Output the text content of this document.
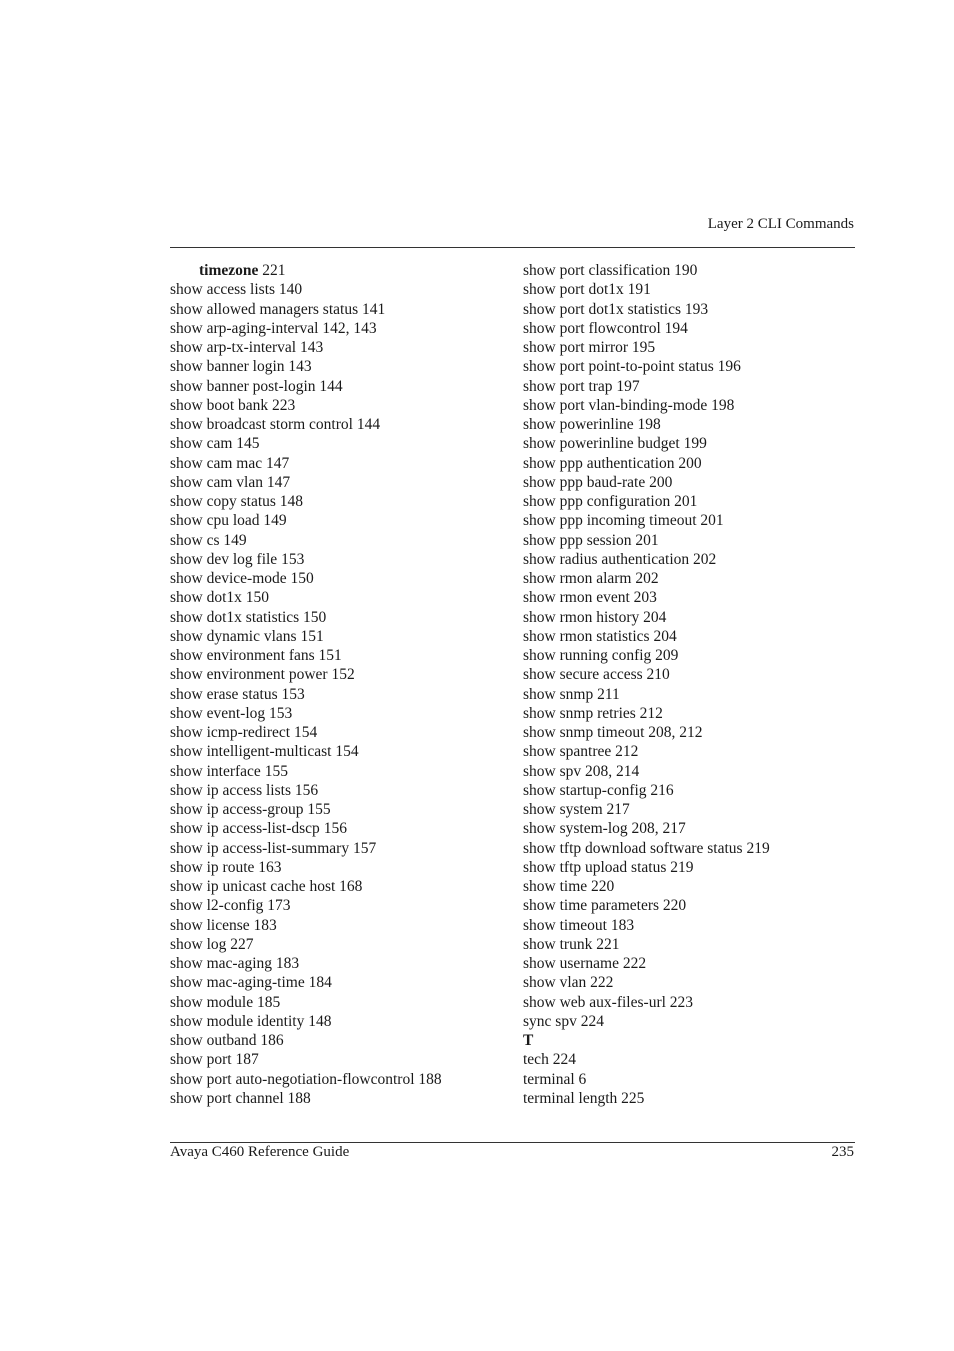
Layer 2 CLI Commands
timezone 221
show access lists 140
show allowed managers status 141
show arp-aging-interval 142, 143
show arp-tx-interval 143
show banner login 143
show banner post-login 144
show boot bank 223
show broadcast storm control 144
show cam 145
show cam mac 147
show cam vlan 147
show copy status 148
show cpu load 149
show cs 149
show dev log file 153
show device-mode 150
show dot1x 150
show dot1x statistics 150
show dynamic vlans 151
show environment fans 151
show environment power 152
show erase status 153
show event-log 153
show icmp-redirect 154
show intelligent-multicast 154
show interface 155
show ip access lists 156
show ip access-group 155
show ip access-list-dscp 156
show ip access-list-summary 157
show ip route 163
show ip unicast cache host 168
show l2-config 173
show license 183
show log 227
show mac-aging 183
show mac-aging-time 184
show module 185
show module identity 148
show outband 186
show port 187
show port auto-negotiation-flowcontrol 188
show port channel 188
show port classification 190
show port dot1x 191
show port dot1x statistics 193
show port flowcontrol 194
show port mirror 195
show port point-to-point status 196
show port trap 197
show port vlan-binding-mode 198
show powerinline 198
show powerinline budget 199
show ppp authentication 200
show ppp baud-rate 200
show ppp configuration 201
show ppp incoming timeout 201
show ppp session 201
show radius authentication 202
show rmon alarm 202
show rmon event 203
show rmon history 204
show rmon statistics 204
show running config 209
show secure access 210
show snmp 211
show snmp retries 212
show snmp timeout 208, 212
show spantree 212
show spv 208, 214
show startup-config 216
show system 217
show system-log 208, 217
show tftp download software status 219
show tftp upload status 219
show time 220
show time parameters 220
show timeout 183
show trunk 221
show username 222
show vlan 222
show web aux-files-url 223
sync spv 224
T
tech 224
terminal 6
terminal length 225
Avaya C460 Reference Guide	235
